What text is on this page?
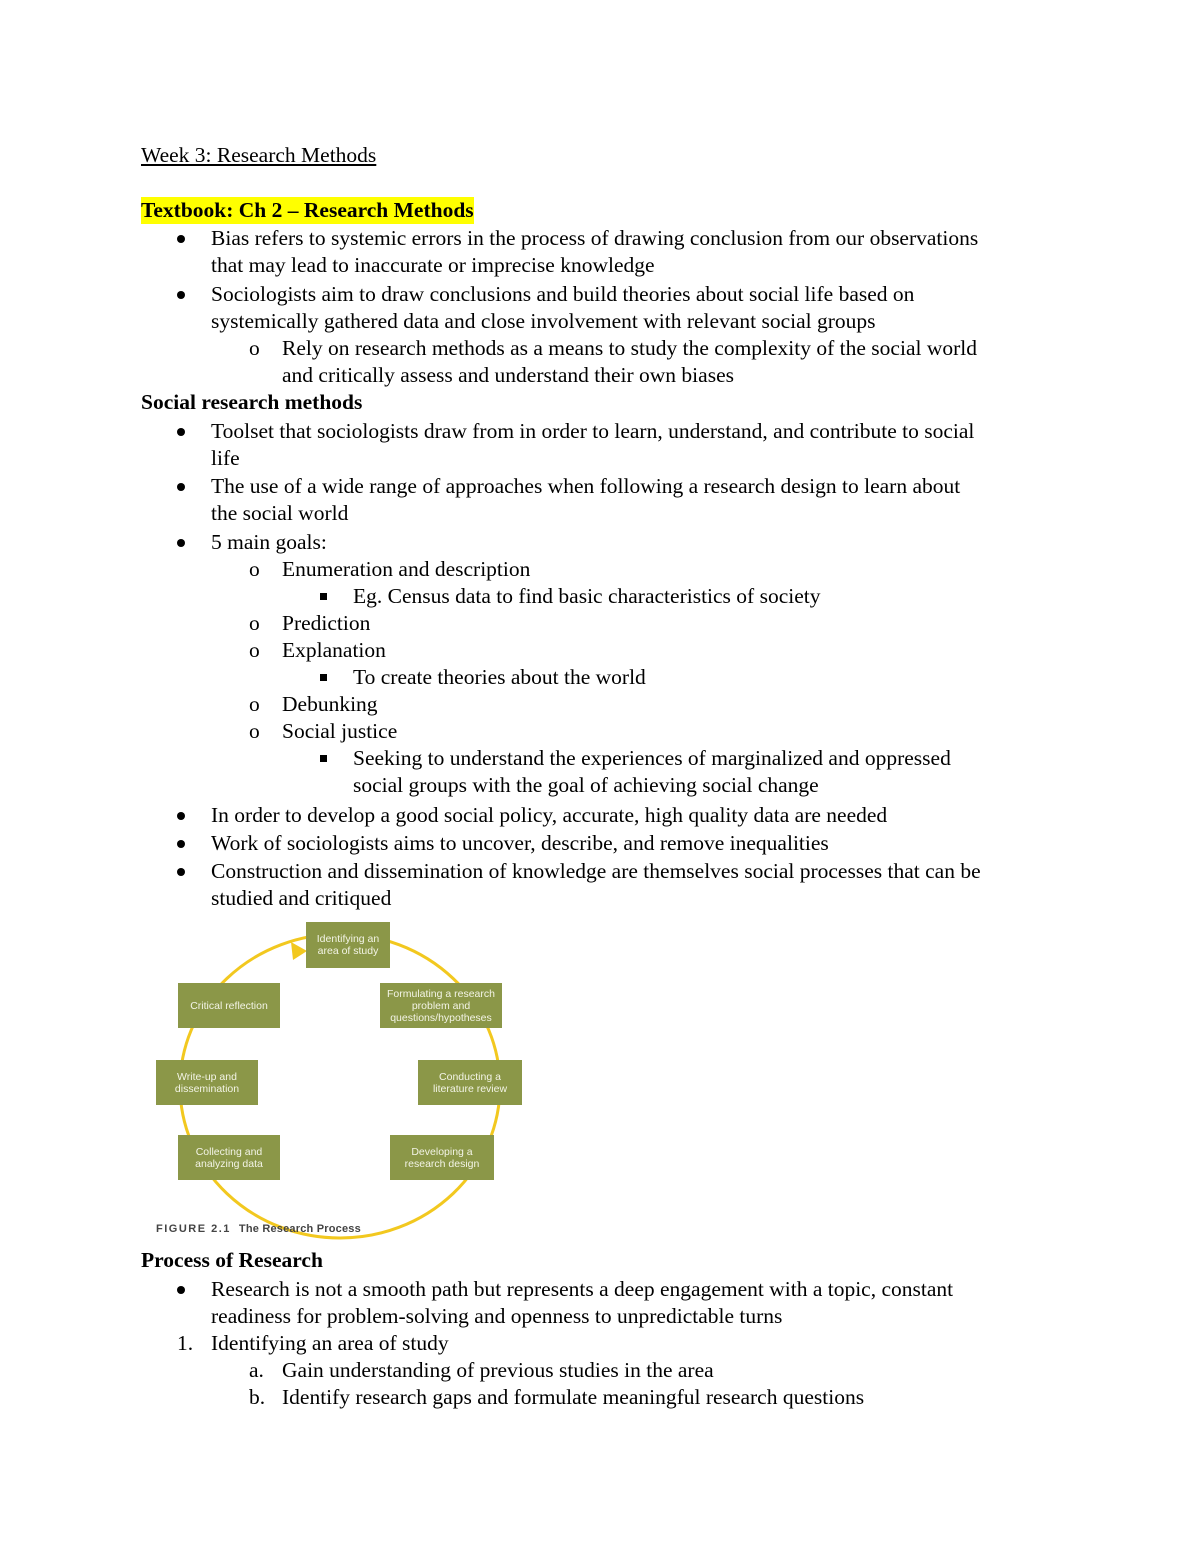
Week 3: Research Methods
Textbook: Ch 2 – Research Methods
Bias refers to systemic errors in the process of drawing conclusion from our observations
that may lead to inaccurate or imprecise knowledge
Sociologists aim to draw conclusions and build theories about social life based on
systemically gathered data and close involvement with relevant social groups
o Rely on research methods as a means to study the complexity of the social world
and critically assess and understand their own biases
Social research methods
Toolset that sociologists draw from in order to learn, understand, and contribute to social
life
The use of a wide range of approaches when following a research design to learn about
the social world
5 main goals:
o Enumeration and description
Eg. Census data to find basic characteristics of society
o Prediction
o Explanation
To create theories about the world
o Debunking
o Social justice
Seeking to understand the experiences of marginalized and oppressed
social groups with the goal of achieving social change
In order to develop a good social policy, accurate, high quality data are needed
Work of sociologists aims to uncover, describe, and remove inequalities
Construction and dissemination of knowledge are themselves social processes that can be
studied and critiqued
Identifying an area of study
Formulating a research problem and questions/hypotheses
Conducting a literature review
Developing a research design
Collecting and analyzing data
Write-up and dissemination
Critical reflection
FIGURE 2.1 The Research Process
Process of Research
Research is not a smooth path but represents a deep engagement with a topic, constant
readiness for problem-solving and openness to unpredictable turns
1. Identifying an area of study
a. Gain understanding of previous studies in the area
b. Identify research gaps and formulate meaningful research questions
